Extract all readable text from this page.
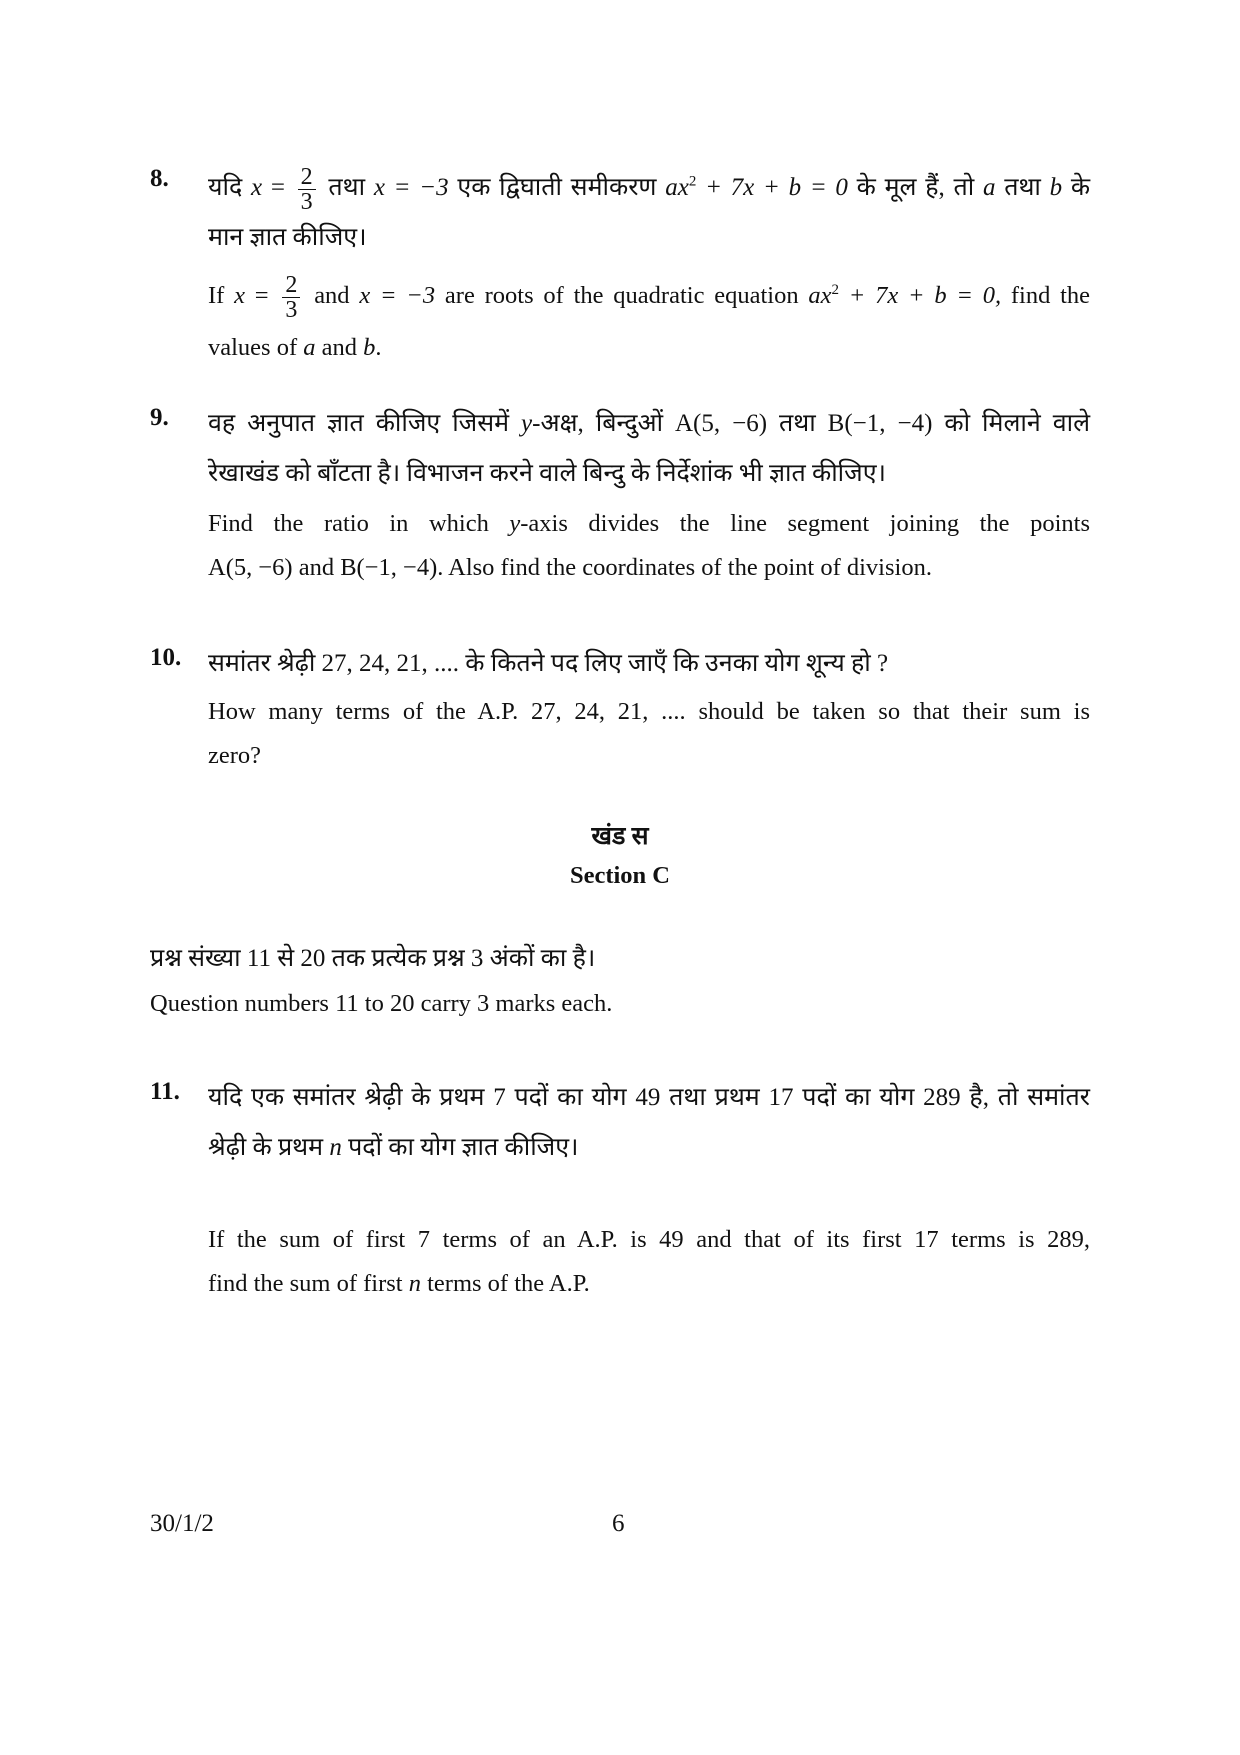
8. यदि $x = \frac{2}{3}$ तथा x = −3 एक द्विघाती समीकरण $ax^2 + 7x + b = 0$ के मूल हैं, तो a तथा b के
मान ज्ञात कीजिए।
If $x = \frac{2}{3}$ and x = −3 are roots of the quadratic equation $ax^2 + 7x + b = 0$, find the
values of a and b.
9. वह अनुपात ज्ञात कीजिए जिसमें y-अक्ष, बिन्दुओं A(5, −6) तथा B(−1, −4) को मिलाने वाले
रेखाखंड को बाँटता है। विभाजन करने वाले बिन्दु के निर्देशांक भी ज्ञात कीजिए।
Find the ratio in which y-axis divides the line segment joining the points
A(5, −6) and B(−1, −4). Also find the coordinates of the point of division.
10. समांतर श्रेढ़ी 27, 24, 21, .... के कितने पद लिए जाएँ कि उनका योग शून्य हो ?
How many terms of the A.P. 27, 24, 21, .... should be taken so that their sum is
zero?
खंड स
Section C
प्रश्न संख्या 11 से 20 तक प्रत्येक प्रश्न 3 अंकों का है।
Question numbers 11 to 20 carry 3 marks each.
11. यदि एक समांतर श्रेढ़ी के प्रथम 7 पदों का योग 49 तथा प्रथम 17 पदों का योग 289 है, तो समांतर
श्रेढ़ी के प्रथम n पदों का योग ज्ञात कीजिए।
If the sum of first 7 terms of an A.P. is 49 and that of its first 17 terms is 289,
find the sum of first n terms of the A.P.
30/1/2	6
